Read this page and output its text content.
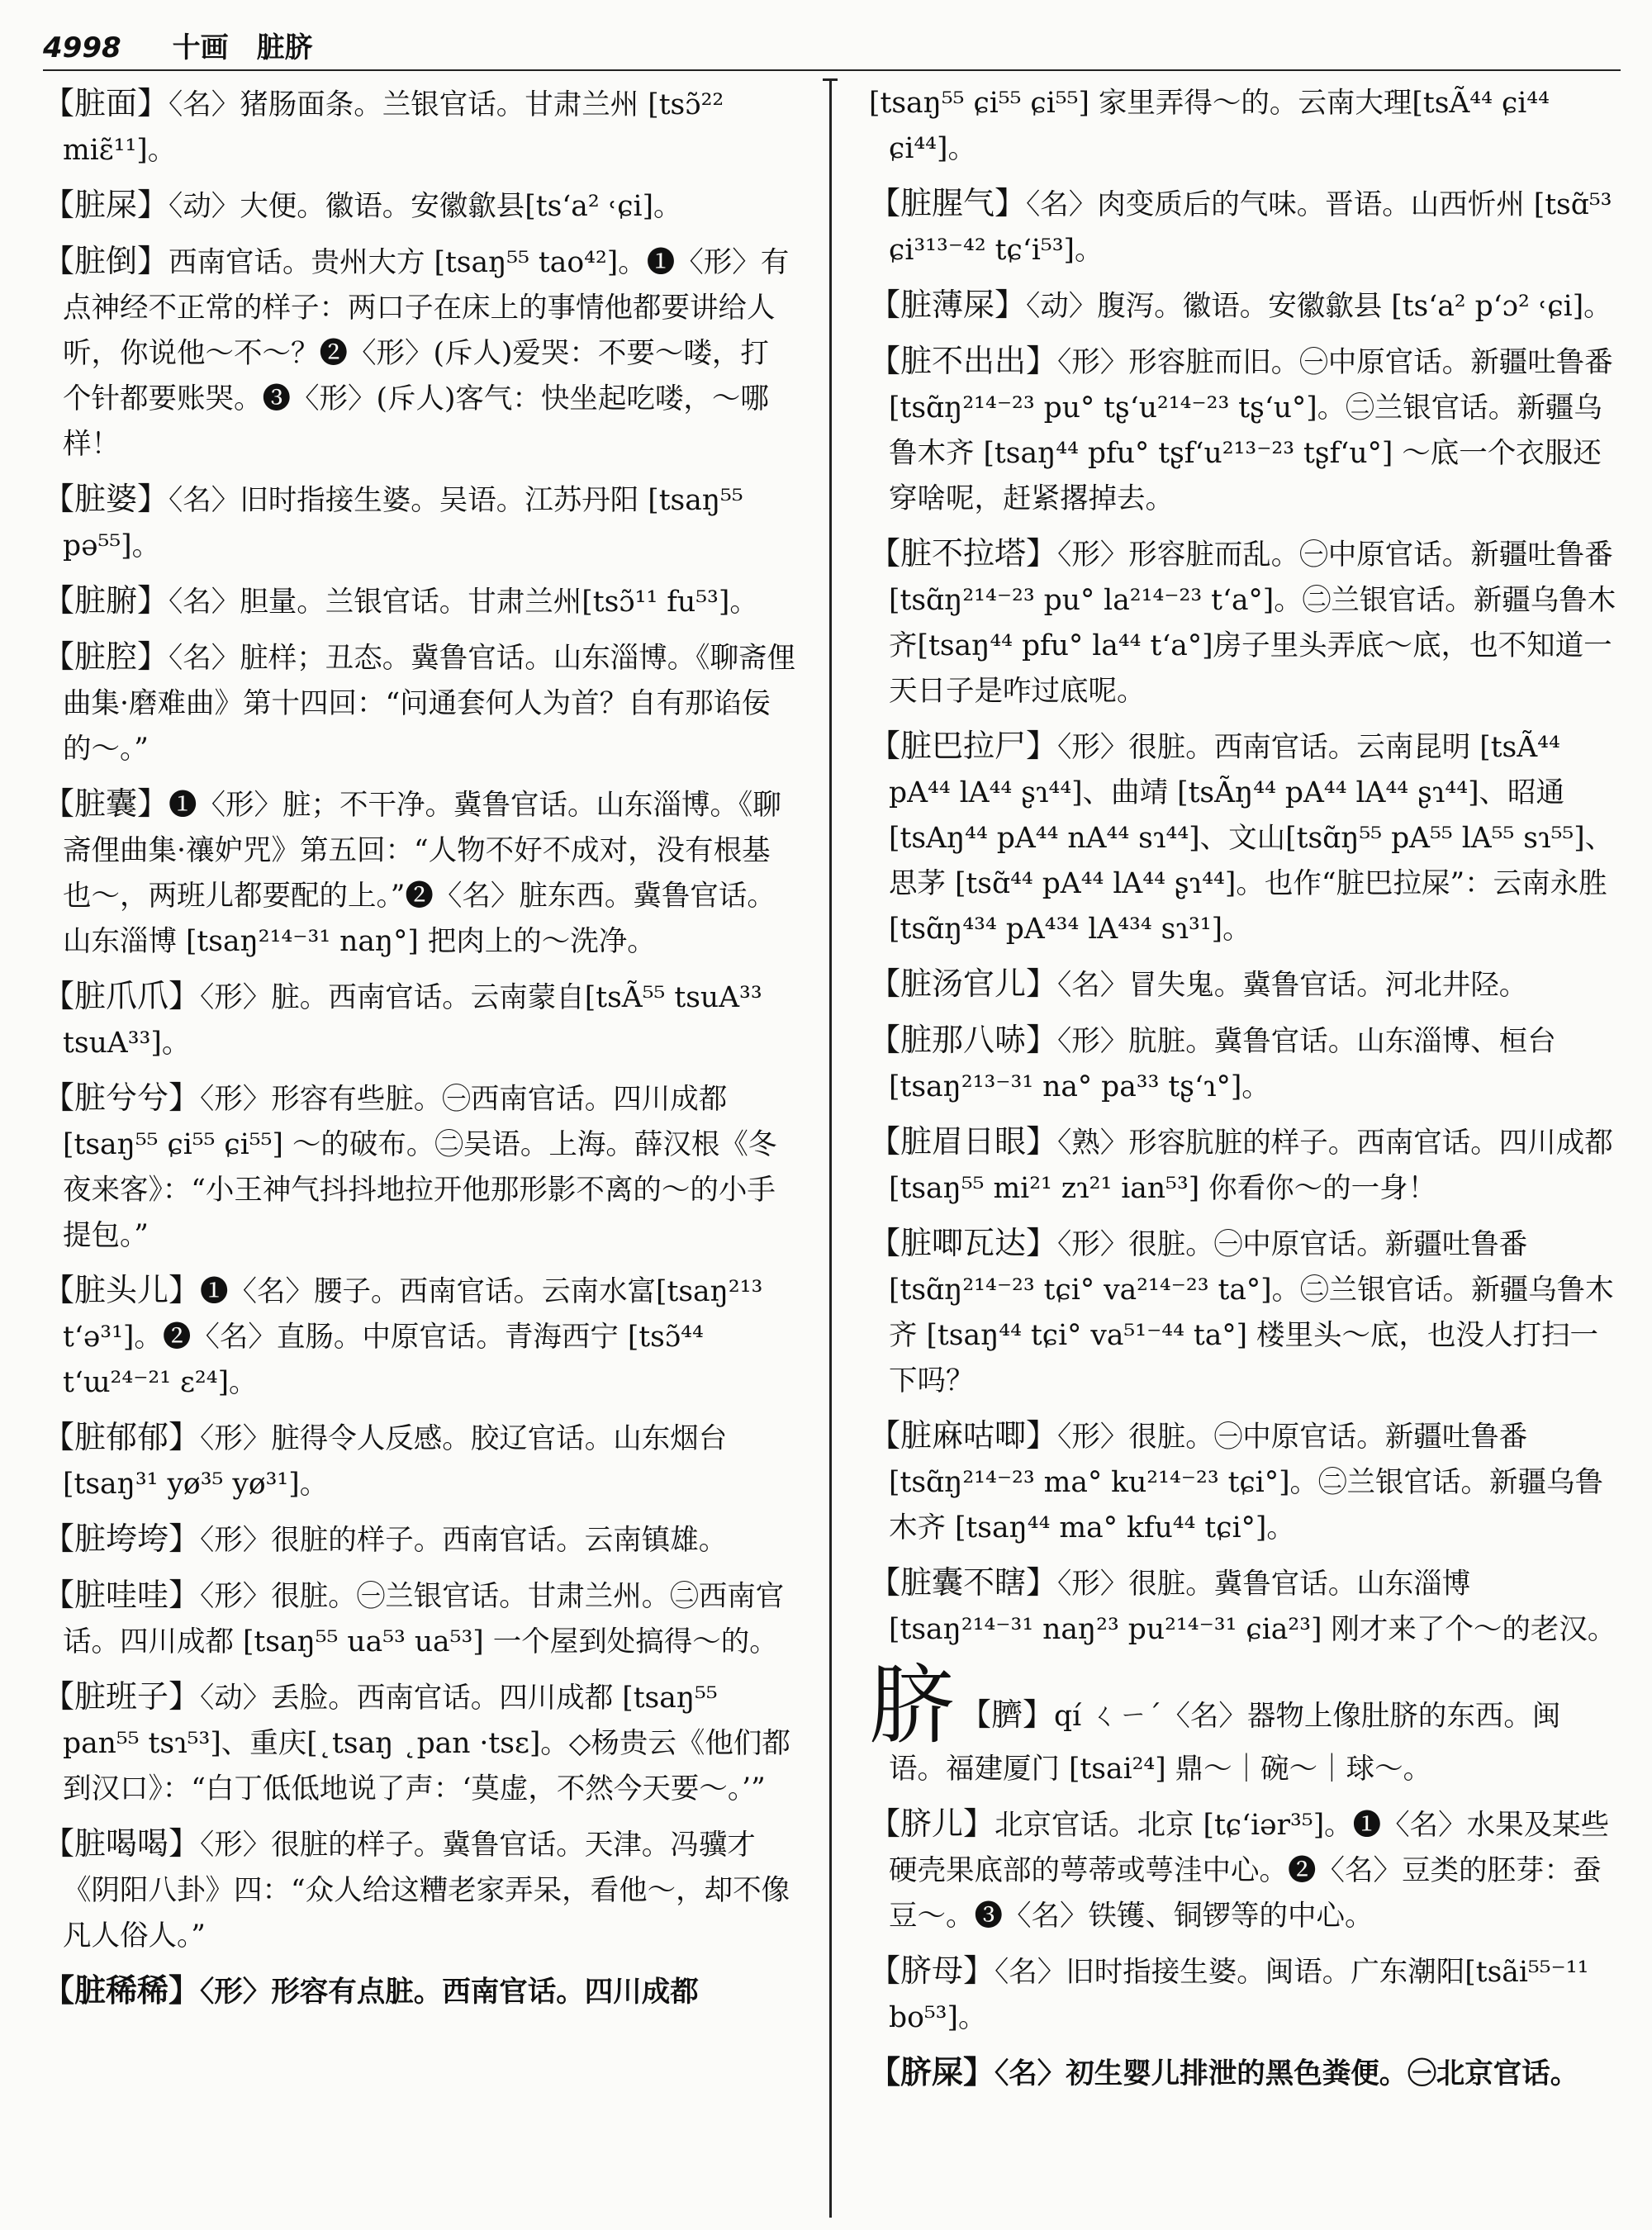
4998 十画　脏脐
【脏面】〈名〉猪肠面条。兰银官话。甘肃兰州 [tsɔ̃²² miɛ̃¹¹]。
【脏屎】〈动〉大便。徽语。安徽歙县[ts‘a² ˓ɕi]。
【脏倒】西南官话。贵州大方 [tsaŋ⁵⁵ tao⁴²]。❶〈形〉有点神经不正常的样子：两口子在床上的事情他都要讲给人听，你说他～不～？❷〈形〉(斥人)爱哭：不要～喽，打个针都要账哭。❸〈形〉(斥人)客气：快坐起吃喽，～哪样！
【脏婆】〈名〉旧时指接生婆。吴语。江苏丹阳 [tsaŋ⁵⁵ pə⁵⁵]。
【脏腑】〈名〉胆量。兰银官话。甘肃兰州[tsɔ̃¹¹ fu⁵³]。
【脏腔】〈名〉脏样；丑态。冀鲁官话。山东淄博。《聊斋俚曲集·磨难曲》第十四回：“问通套何人为首？自有那谄佞的～。”
【脏囊】❶〈形〉脏；不干净。冀鲁官话。山东淄博。《聊斋俚曲集·禳妒咒》第五回：“人物不好不成对，没有根基也～，两班儿都要配的上。”❷〈名〉脏东西。冀鲁官话。山东淄博 [tsaŋ²¹⁴⁻³¹ naŋ°] 把肉上的～洗净。
【脏爪爪】〈形〉脏。西南官话。云南蒙自[tsÃ⁵⁵ tsuA³³ tsuA³³]。
【脏兮兮】〈形〉形容有些脏。㊀西南官话。四川成都 [tsaŋ⁵⁵ ɕi⁵⁵ ɕi⁵⁵] ～的破布。㊁吴语。上海。薛汉根《冬夜来客》：“小王神气抖抖地拉开他那形影不离的～的小手提包。”
【脏头儿】❶〈名〉腰子。西南官话。云南水富[tsaŋ²¹³ t‘ə³¹]。❷〈名〉直肠。中原官话。青海西宁 [tsɔ̃⁴⁴ t‘ɯ²⁴⁻²¹ ɛ²⁴]。
【脏郁郁】〈形〉脏得令人反感。胶辽官话。山东烟台 [tsaŋ³¹ yø³⁵ yø³¹]。
【脏垮垮】〈形〉很脏的样子。西南官话。云南镇雄。
【脏哇哇】〈形〉很脏。㊀兰银官话。甘肃兰州。㊁西南官话。四川成都 [tsaŋ⁵⁵ ua⁵³ ua⁵³] 一个屋到处搞得～的。
【脏班子】〈动〉丢脸。西南官话。四川成都 [tsaŋ⁵⁵ pan⁵⁵ tsɿ⁵³]、重庆[˛tsaŋ ˛pan ·tsɛ]。◇杨贵云《他们都到汉口》：“白丁低低地说了声：‘莫虚，不然今天要～。’”
【脏喝喝】〈形〉很脏的样子。冀鲁官话。天津。冯骥才《阴阳八卦》四：“众人给这糟老家弄呆，看他～，却不像凡人俗人。”
【脏稀稀】〈形〉形容有点脏。西南官话。四川成都
[tsaŋ⁵⁵ ɕi⁵⁵ ɕi⁵⁵] 家里弄得～的。云南大理[tsÃ⁴⁴ ɕi⁴⁴ ɕi⁴⁴]。
【脏腥气】〈名〉肉变质后的气味。晋语。山西忻州 [tsɑ̃⁵³ ɕi³¹³⁻⁴² tɕ‘i⁵³]。
【脏薄屎】〈动〉腹泻。徽语。安徽歙县 [ts‘a² p‘ɔ² ˓ɕi]。
【脏不出出】〈形〉形容脏而旧。㊀中原官话。新疆吐鲁番 [tsɑ̃ŋ²¹⁴⁻²³ pu° tʂ‘u²¹⁴⁻²³ tʂ‘u°]。㊁兰银官话。新疆乌鲁木齐 [tsaŋ⁴⁴ pfu° tʂf‘u²¹³⁻²³ tʂf‘u°] ～底一个衣服还穿啥呢，赶紧撂掉去。
【脏不拉塔】〈形〉形容脏而乱。㊀中原官话。新疆吐鲁番[tsɑ̃ŋ²¹⁴⁻²³ pu° la²¹⁴⁻²³ t‘a°]。㊁兰银官话。新疆乌鲁木齐[tsaŋ⁴⁴ pfu° la⁴⁴ t‘a°]房子里头弄底～底，也不知道一天日子是咋过底呢。
【脏巴拉尸】〈形〉很脏。西南官话。云南昆明 [tsÃ⁴⁴ pA⁴⁴ lA⁴⁴ ʂɿ⁴⁴]、曲靖 [tsÃŋ⁴⁴ pA⁴⁴ lA⁴⁴ ʂɿ⁴⁴]、昭通 [tsAŋ⁴⁴ pA⁴⁴ nA⁴⁴ sɿ⁴⁴]、文山[tsɑ̃ŋ⁵⁵ pA⁵⁵ lA⁵⁵ sɿ⁵⁵]、思茅 [tsɑ̃⁴⁴ pA⁴⁴ lA⁴⁴ ʂɿ⁴⁴]。也作“脏巴拉屎”：云南永胜 [tsɑ̃ŋ⁴³⁴ pA⁴³⁴ lA⁴³⁴ sɿ³¹]。
【脏汤官儿】〈名〉冒失鬼。冀鲁官话。河北井陉。
【脏那八哧】〈形〉肮脏。冀鲁官话。山东淄博、桓台 [tsaŋ²¹³⁻³¹ na° pa³³ tʂ‘ɿ°]。
【脏眉日眼】〈熟〉形容肮脏的样子。西南官话。四川成都 [tsaŋ⁵⁵ mi²¹ zɿ²¹ ian⁵³] 你看你～的一身！
【脏唧瓦达】〈形〉很脏。㊀中原官话。新疆吐鲁番 [tsɑ̃ŋ²¹⁴⁻²³ tɕi° va²¹⁴⁻²³ ta°]。㊁兰银官话。新疆乌鲁木齐 [tsaŋ⁴⁴ tɕi° va⁵¹⁻⁴⁴ ta°] 楼里头～底，也没人打扫一下吗？
【脏麻咕唧】〈形〉很脏。㊀中原官话。新疆吐鲁番 [tsɑ̃ŋ²¹⁴⁻²³ ma° ku²¹⁴⁻²³ tɕi°]。㊁兰银官话。新疆乌鲁木齐 [tsaŋ⁴⁴ ma° kfu⁴⁴ tɕi°]。
【脏囊不瞎】〈形〉很脏。冀鲁官话。山东淄博 [tsaŋ²¹⁴⁻³¹ naŋ²³ pu²¹⁴⁻³¹ ɕia²³] 刚才来了个～的老汉。
脐 【臍】qí ㄑㄧˊ〈名〉器物上像肚脐的东西。闽语。福建厦门 [tsai²⁴] 鼎～｜碗～｜球～。
【脐儿】北京官话。北京 [tɕ‘iər³⁵]。❶〈名〉水果及某些硬壳果底部的萼蒂或萼洼中心。❷〈名〉豆类的胚芽：蚕豆～。❸〈名〉铁镬、铜锣等的中心。
【脐母】〈名〉旧时指接生婆。闽语。广东潮阳[tsãi⁵⁵⁻¹¹ bo⁵³]。
【脐屎】〈名〉初生婴儿排泄的黑色粪便。㊀北京官话。
